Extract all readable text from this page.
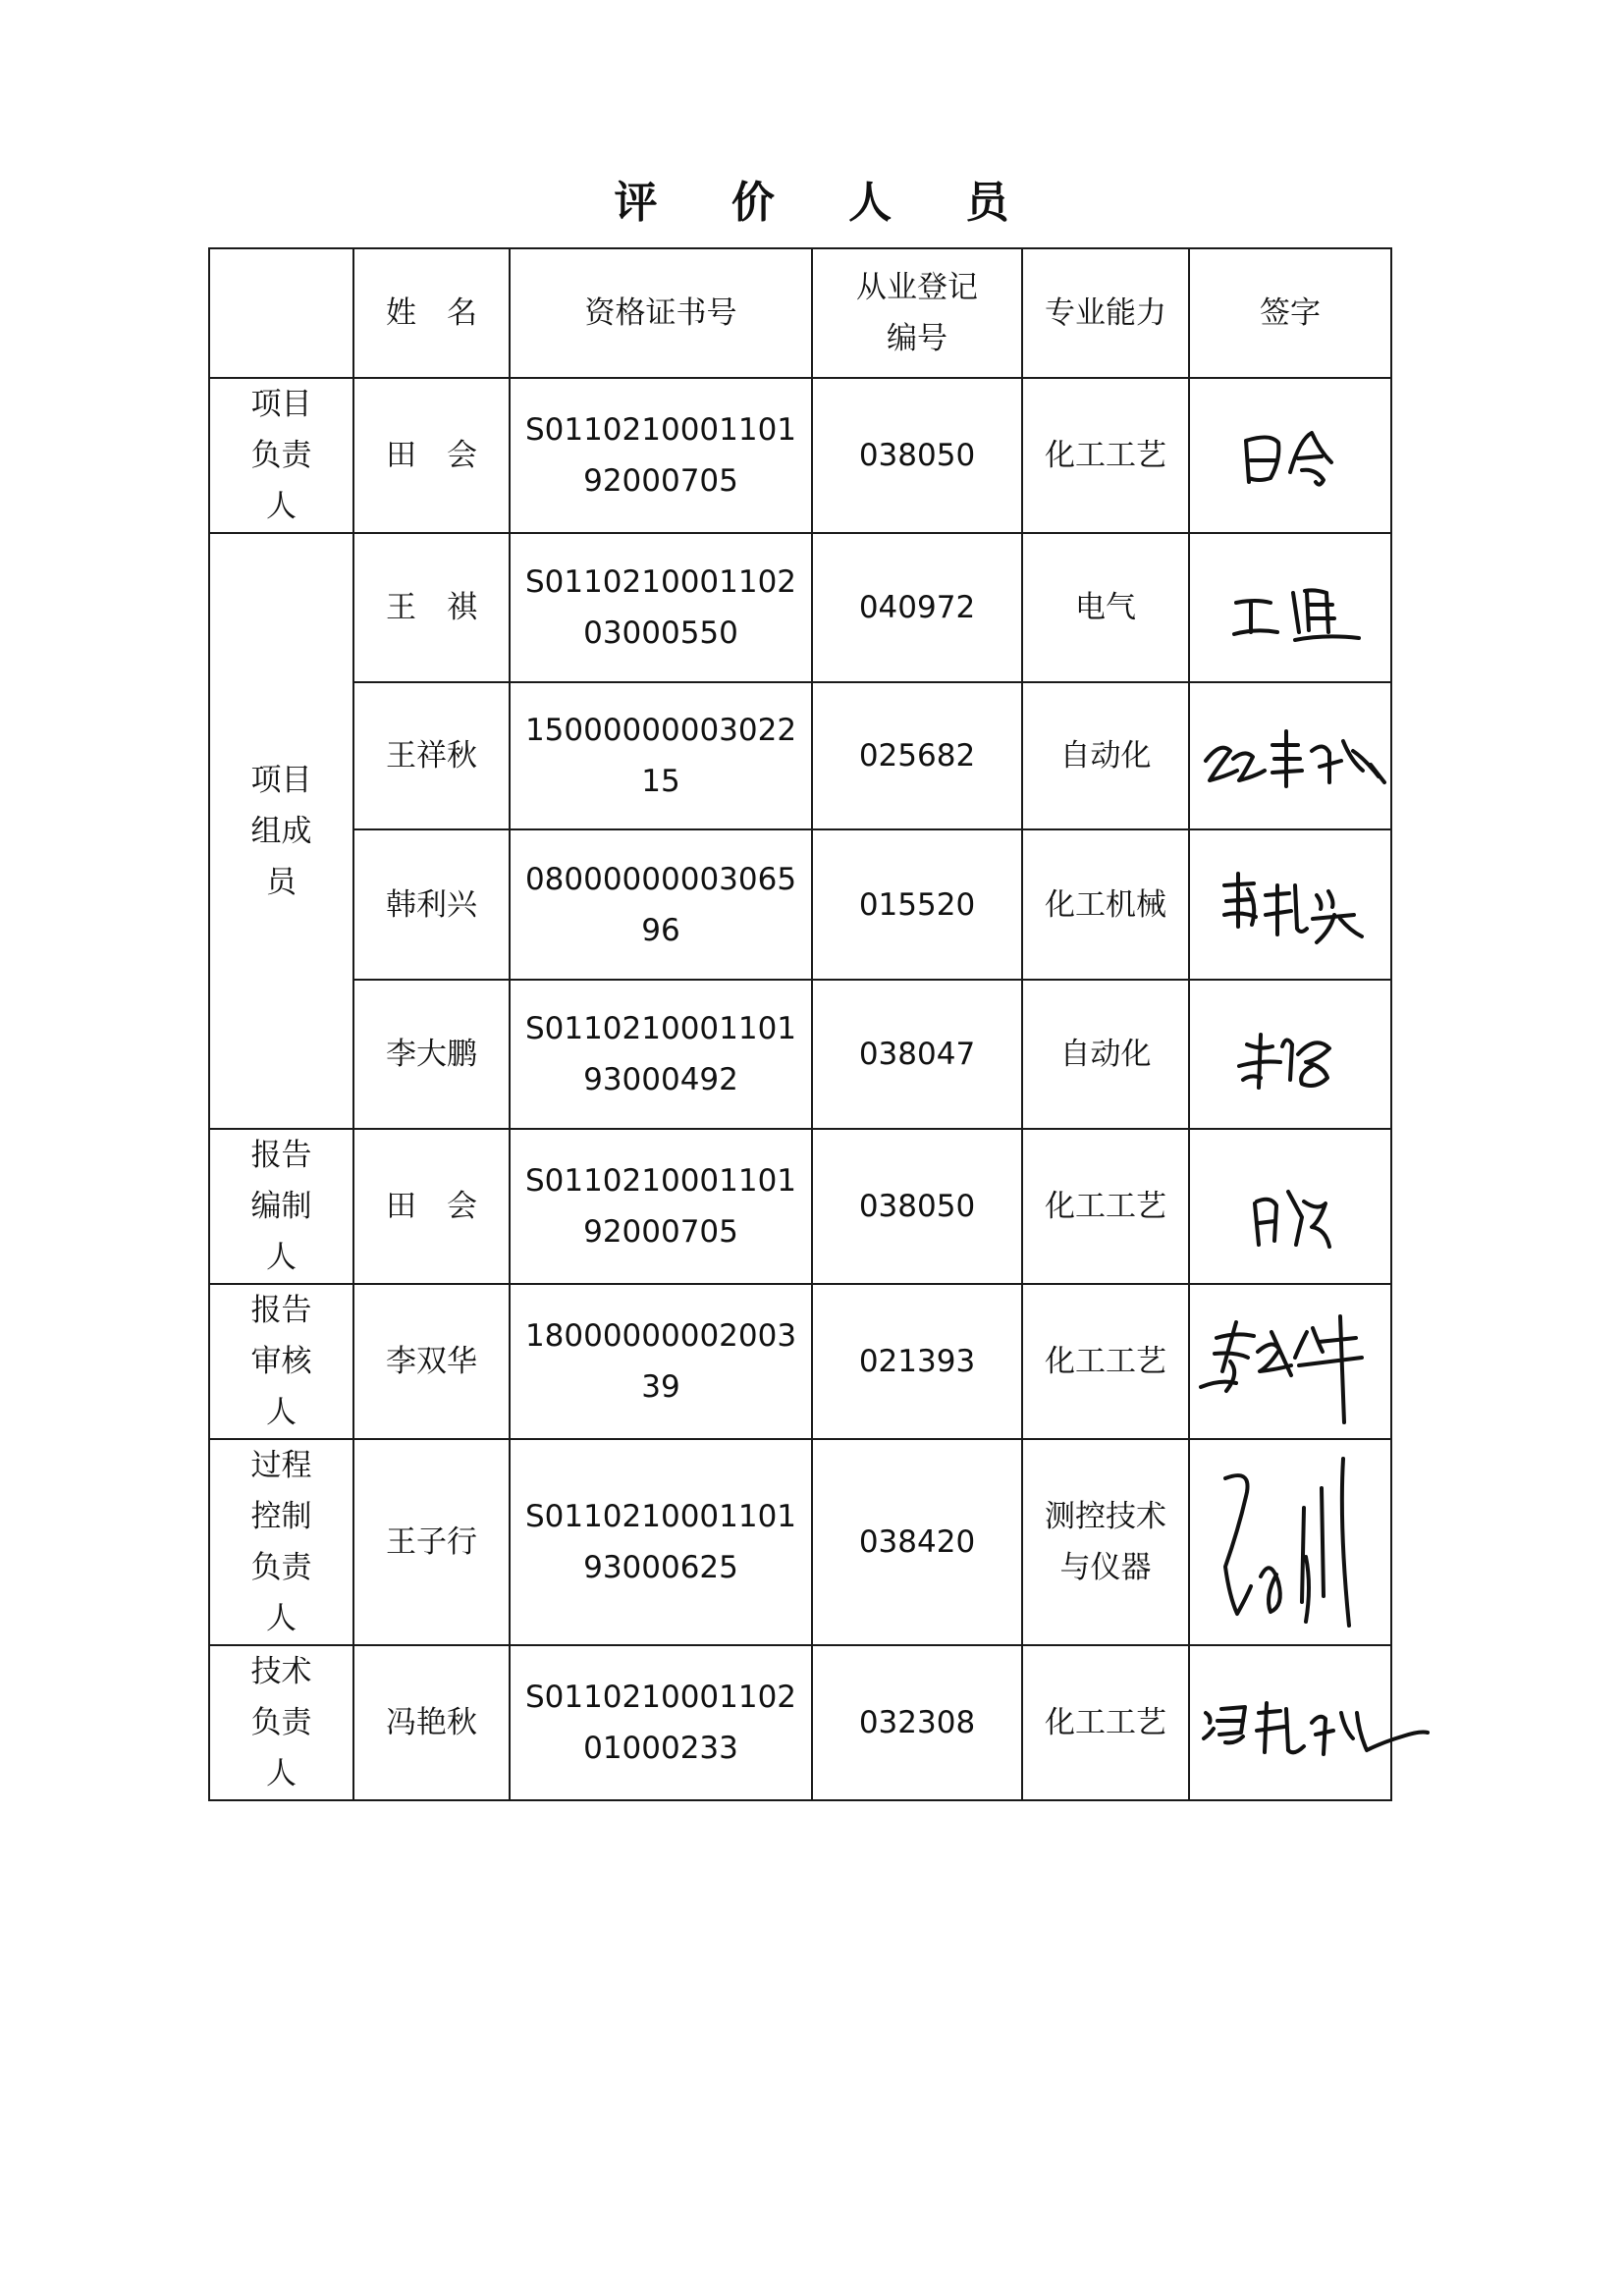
评 价 人 员
	姓　名	资格证书号	从业登记编号	专业能力	签字
项目负责人	田　会	S011021000110192000705	038050	化工工艺	

项目组成员	王　祺	S011021000110203000550	040972	电气	

	王祥秋	1500000000302215	025682	自动化	

	韩利兴	0800000000306596	015520	化工机械	

	李大鹏	S011021000110193000492	038047	自动化	

报告编制人	田　会	S011021000110192000705	038050	化工工艺	

报告审核人	李双华	1800000000200339	021393	化工工艺	

过程控制负责人	王子行	S011021000110193000625	038420	测控技术与仪器	

技术负责人	冯艳秋	S011021000110201000233	032308	化工工艺	
